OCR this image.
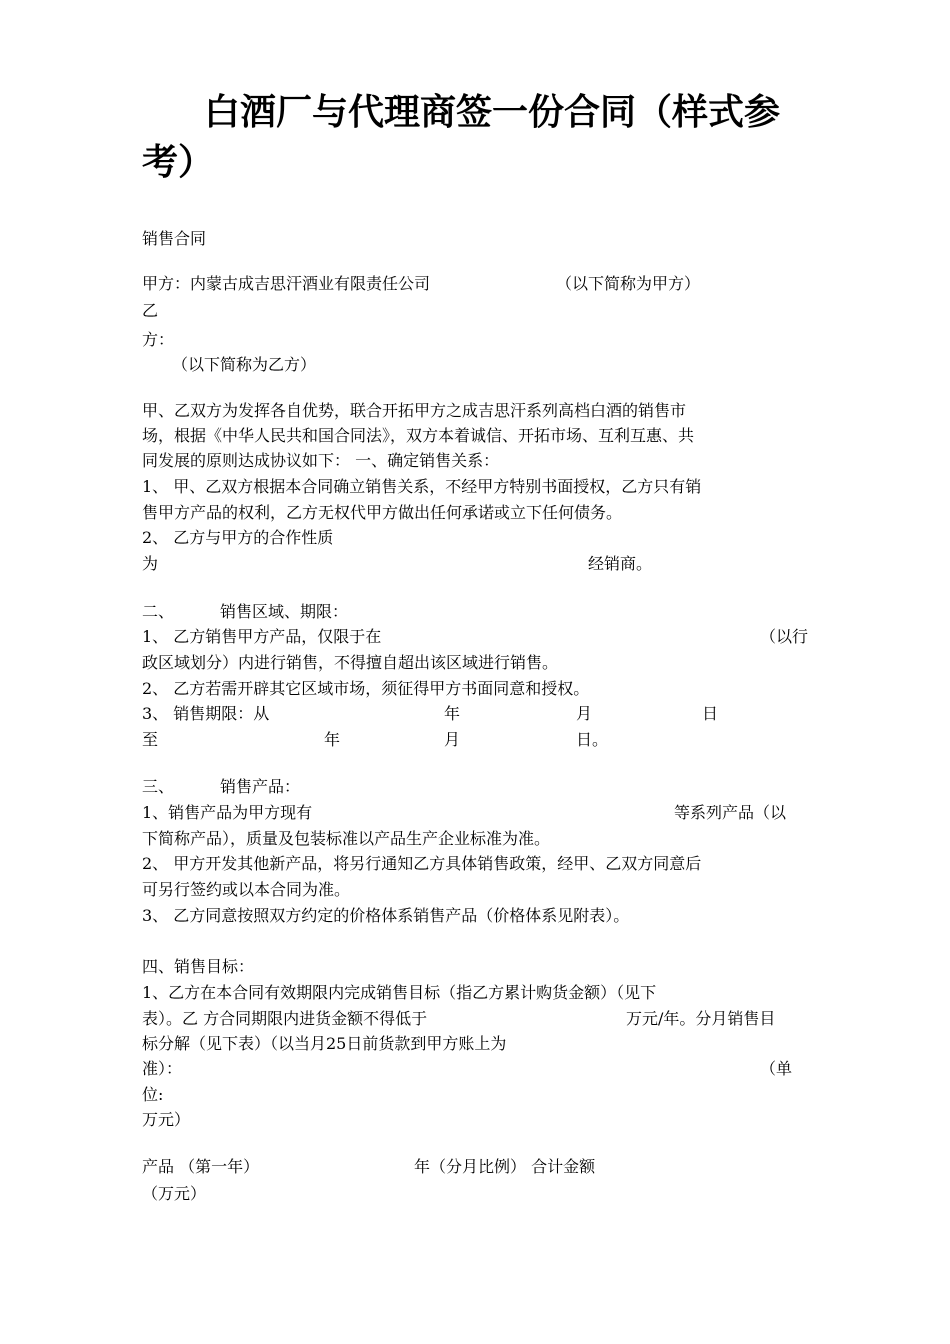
白酒厂与代理商签一份合同（样式参考）
销售合同
甲方：内蒙古成吉思汗酒业有限责任公司	（以下简称为甲方）
乙
方：
（以下简称为乙方）
甲、乙双方为发挥各自优势，联合开拓甲方之成吉思汗系列高档白酒的销售市
场，根据《中华人民共和国合同法》，双方本着诚信、开拓市场、互利互惠、共
同发展的原则达成协议如下： 一、确定销售关系：
1、 甲、乙双方根据本合同确立销售关系，不经甲方特别书面授权，乙方只有销
售甲方产品的权利，乙方无权代甲方做出任何承诺或立下任何债务。
2、 乙方与甲方的合作性质
为	经销商。
二、	销售区域、期限：
1、 乙方销售甲方产品，仅限于在	（以行
政区域划分）内进行销售，不得擅自超出该区域进行销售。
2、 乙方若需开辟其它区域市场，须征得甲方书面同意和授权。
3、 销售期限：从	年	月	日
至	年	月	日。
三、	销售产品：
1、销售产品为甲方现有	等系列产品（以
下简称产品），质量及包装标准以产品生产企业标准为准。
2、 甲方开发其他新产品，将另行通知乙方具体销售政策，经甲、乙双方同意后
可另行签约或以本合同为准。
3、 乙方同意按照双方约定的价格体系销售产品（价格体系见附表）。
四、销售目标：
1、乙方在本合同有效期限内完成销售目标（指乙方累计购货金额）（见下
表）。乙 方合同期限内进货金额不得低于	万元/年。分月销售目
标分解（见下表）（以当月25日前货款到甲方账上为
准）：	（单
位:
万元）
产品 （第一年）	年（分月比例） 合计金额
（万元）
